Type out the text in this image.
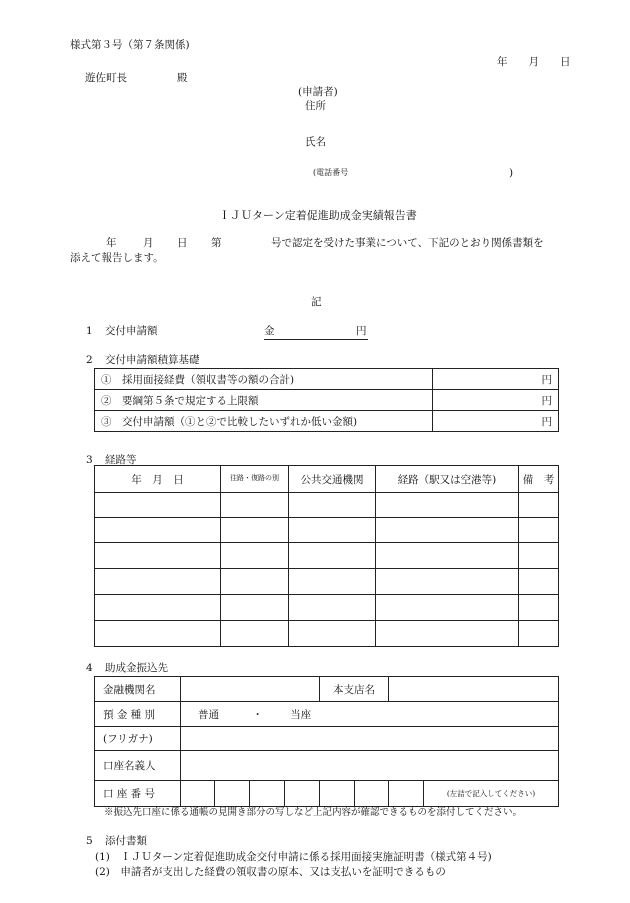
様式第３号（第７条関係)
年　　月　　日
遊佐町長	殿
(申請者)
住所
氏名
(電話番号	)
ＩＪＵターン定着促進助成金実績報告書
年	月 日 第	号で認定を受けた事業について、下記のとおり関係書類を
添えて報告します。
記
1 交付申請額	金	円
2 交付申請額積算基礎
①　採用面接経費（領収書等の額の合計)	円
②　要綱第５条で規定する上限額	円
③　交付申請額（①と②で比較したいずれか低い金額)	円
3 経路等
年　月　日	往路・復路の別	公共交通機関	経路（駅又は空港等)	備　考

4 助成金振込先
金融機関名					本支店名			
預 金 種 別	普通 ・ 当座							
(フリガナ)								
口座名義人								
口 座 番 号								(左詰で記入してください)
※振込先口座に係る通帳の見開き部分の写しなど上記内容が確認できるものを添付してください。
5 添付書類
(1)　ＩＪＵターン定着促進助成金交付申請に係る採用面接実施証明書（様式第４号)
(2)　申請者が支出した経費の領収書の原本、又は支払いを証明できるもの
